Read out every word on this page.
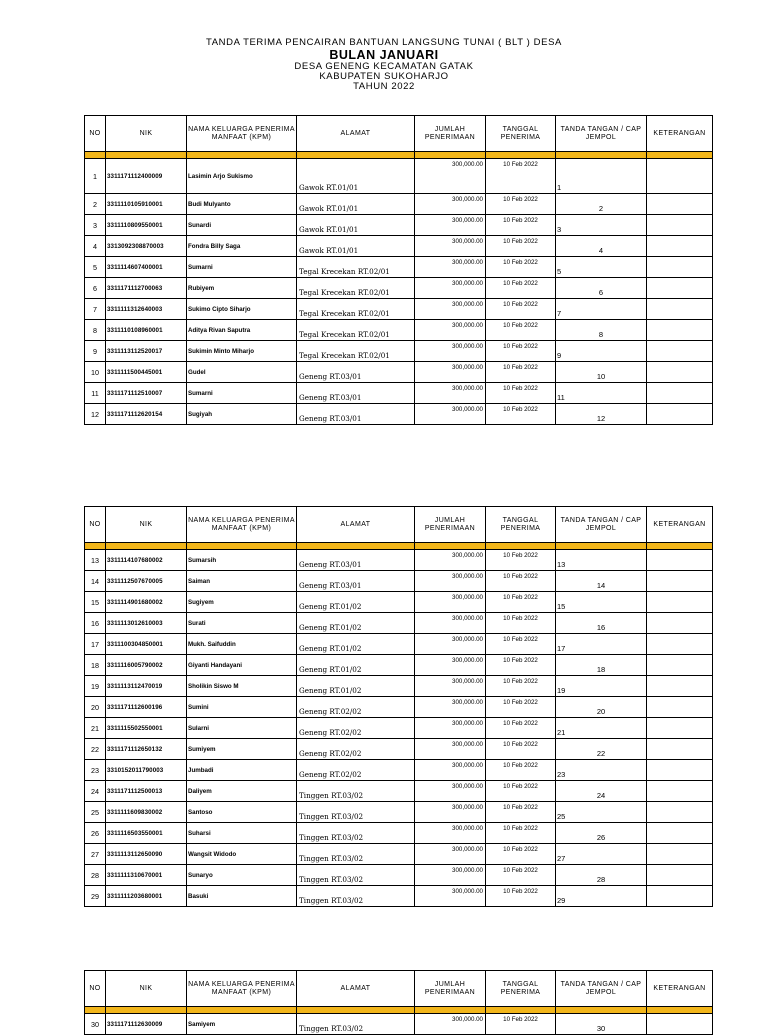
TANDA TERIMA PENCAIRAN BANTUAN LANGSUNG TUNAI ( BLT ) DESA
BULAN JANUARI
DESA GENENG KECAMATAN GATAK
KABUPATEN SUKOHARJO
TAHUN 2022
NO	NIK	NAMA KELUARGA PENERIMA MANFAAT (KPM)	ALAMAT	JUMLAH PENERIMAAN	TANGGAL PENERIMA	TANDA TANGAN / CAP JEMPOL	KETERANGAN

1	3311171112400009	Lasimin Arjo Sukismo	Gawok RT.01/01	300,000.00	10 Feb 2022	1	

2	3311110105910001	Budi Mulyanto	Gawok RT.01/01	300,000.00	10 Feb 2022	2	

3	3311110809550001	Sunardi	Gawok RT.01/01	300,000.00	10 Feb 2022	3	

4	3313092308870003	Fondra Billy Saga	Gawok RT.01/01	300,000.00	10 Feb 2022	4	

5	3311114607400001	Sumarni	Tegal Krecekan RT.02/01	300,000.00	10 Feb 2022	5	

6	3311171112700063	Rubiyem	Tegal Krecekan RT.02/01	300,000.00	10 Feb 2022	6	

7	3311111312640003	Sukimo Cipto Siharjo	Tegal Krecekan RT.02/01	300,000.00	10 Feb 2022	7	

8	3311110108960001	Aditya Rivan Saputra	Tegal Krecekan RT.02/01	300,000.00	10 Feb 2022	8	

9	3311113112520017	Sukimin Minto Miharjo	Tegal Krecekan RT.02/01	300,000.00	10 Feb 2022	9	

10	3311111500445001	Gudel	Geneng RT.03/01	300,000.00	10 Feb 2022	10	

11	3311171112510007	Sumarni	Geneng RT.03/01	300,000.00	10 Feb 2022	11	

12	3311171112620154	Sugiyah	Geneng RT.03/01	300,000.00	10 Feb 2022	12	

NO	NIK	NAMA KELUARGA PENERIMA MANFAAT (KPM)	ALAMAT	JUMLAH PENERIMAAN	TANGGAL PENERIMA	TANDA TANGAN / CAP JEMPOL	KETERANGAN

13	3311114107680002	Sumarsih	Geneng RT.03/01	300,000.00	10 Feb 2022	13	

14	3311112507670005	Saiman	Geneng RT.03/01	300,000.00	10 Feb 2022	14	

15	3311114901680002	Sugiyem	Geneng RT.01/02	300,000.00	10 Feb 2022	15	

16	3311113012610003	Surati	Geneng RT.01/02	300,000.00	10 Feb 2022	16	

17	3311100304850001	Mukh. Saifuddin	Geneng RT.01/02	300,000.00	10 Feb 2022	17	

18	3311116005790002	Giyanti Handayani	Geneng RT.01/02	300,000.00	10 Feb 2022	18	

19	3311113112470019	Sholikin Siswo M	Geneng RT.01/02	300,000.00	10 Feb 2022	19	

20	3311171112600196	Sumini	Geneng RT.02/02	300,000.00	10 Feb 2022	20	

21	3311115502550001	Sularni	Geneng RT.02/02	300,000.00	10 Feb 2022	21	

22	3311171112650132	Sumiyem	Geneng RT.02/02	300,000.00	10 Feb 2022	22	

23	3310152011790003	Jumbadi	Geneng RT.02/02	300,000.00	10 Feb 2022	23	

24	3311171112500013	Daliyem	Tinggen RT.03/02	300,000.00	10 Feb 2022	24	

25	3311111609830002	Santoso	Tinggen RT.03/02	300,000.00	10 Feb 2022	25	

26	3311116503550001	Suharsi	Tinggen RT.03/02	300,000.00	10 Feb 2022	26	

27	3311113112650090	Wangsit Widodo	Tinggen RT.03/02	300,000.00	10 Feb 2022	27	

28	3311111310670001	Sunaryo	Tinggen RT.03/02	300,000.00	10 Feb 2022	28	

29	3311111203680001	Basuki	Tinggen RT.03/02	300,000.00	10 Feb 2022	29	

NO	NIK	NAMA KELUARGA PENERIMA MANFAAT (KPM)	ALAMAT	JUMLAH PENERIMAAN	TANGGAL PENERIMA	TANDA TANGAN / CAP JEMPOL	KETERANGAN

30	3311171112630009	Samiyem	Tinggen RT.03/02	300,000.00	10 Feb 2022	30	
